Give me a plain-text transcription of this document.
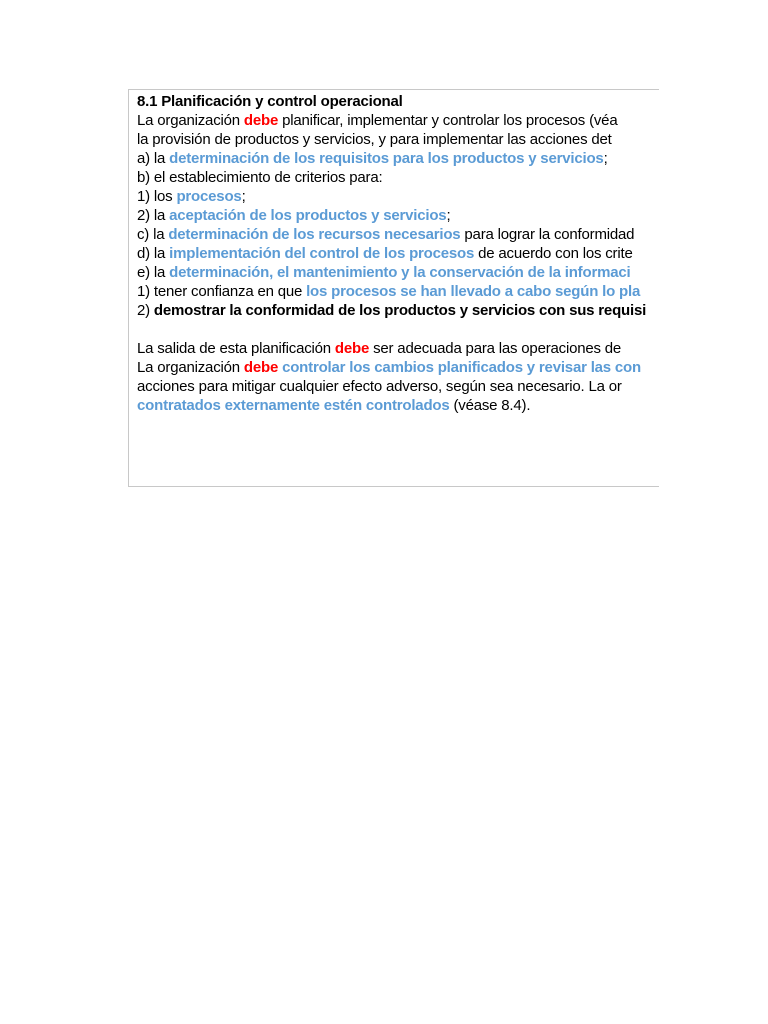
8.1 Planificación y control operacional
La organización debe planificar, implementar y controlar los procesos (véa
la provisión de productos y servicios, y para implementar las acciones det
a) la determinación de los requisitos para los productos y servicios;
b) el establecimiento de criterios para:
1) los procesos;
2) la aceptación de los productos y servicios;
c) la determinación de los recursos necesarios para lograr la conformidad
d) la implementación del control de los procesos de acuerdo con los crite
e) la determinación, el mantenimiento y la conservación de la informaci
1) tener confianza en que los procesos se han llevado a cabo según lo pla
2) demostrar la conformidad de los productos y servicios con sus requisi
La salida de esta planificación debe ser adecuada para las operaciones de
La organización debe controlar los cambios planificados y revisar las con
acciones para mitigar cualquier efecto adverso, según sea necesario. La or
contratados externamente estén controlados (véase 8.4).
